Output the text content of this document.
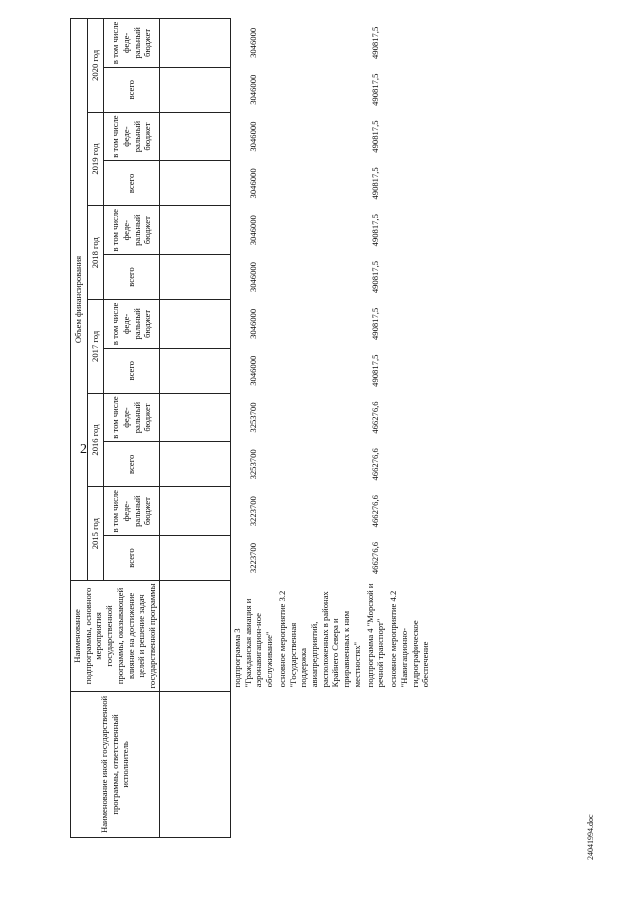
2
24041994.doc
Наименование иной государственной программы, ответственный исполнитель	Наименование подпрограммы, основного мероприятия государственной программы, оказывающей влияние на достижение целей и решение задач государственной программы	Объем финансирования											
		2015 год		2016 год		2017 год		2018 год		2019 год		2020 год	
		всего	в том числе феде-ральный бюджет	всего	в том числе феде-ральный бюджет	всего	в том числе феде-ральный бюджет	всего	в том числе феде-ральный бюджет	всего	в том числе феде-ральный бюджет	всего	в том числе феде-ральный бюджет

	подпрограмма 3 "Гражданская авиация и аэронавигацион-ное обслуживание"	3223700	3223700	3253700	3253700	3046000	3046000	3046000	3046000	3046000	3046000	3046000	3046000
	основное мероприятие 3.2 "Государственная поддержка авиапредприятий, расположенных в районах Крайнего Севера и приравненных к ним местностях"												
	подпрограмма 4 "Морской и речной транспорт"	466276,6	466276,6	466276,6	466276,6	490817,5	490817,5	490817,5	490817,5	490817,5	490817,5	490817,5	490817,5
	основное мероприятие 4.2 "Навигационно-гидрографическое обеспечение												
